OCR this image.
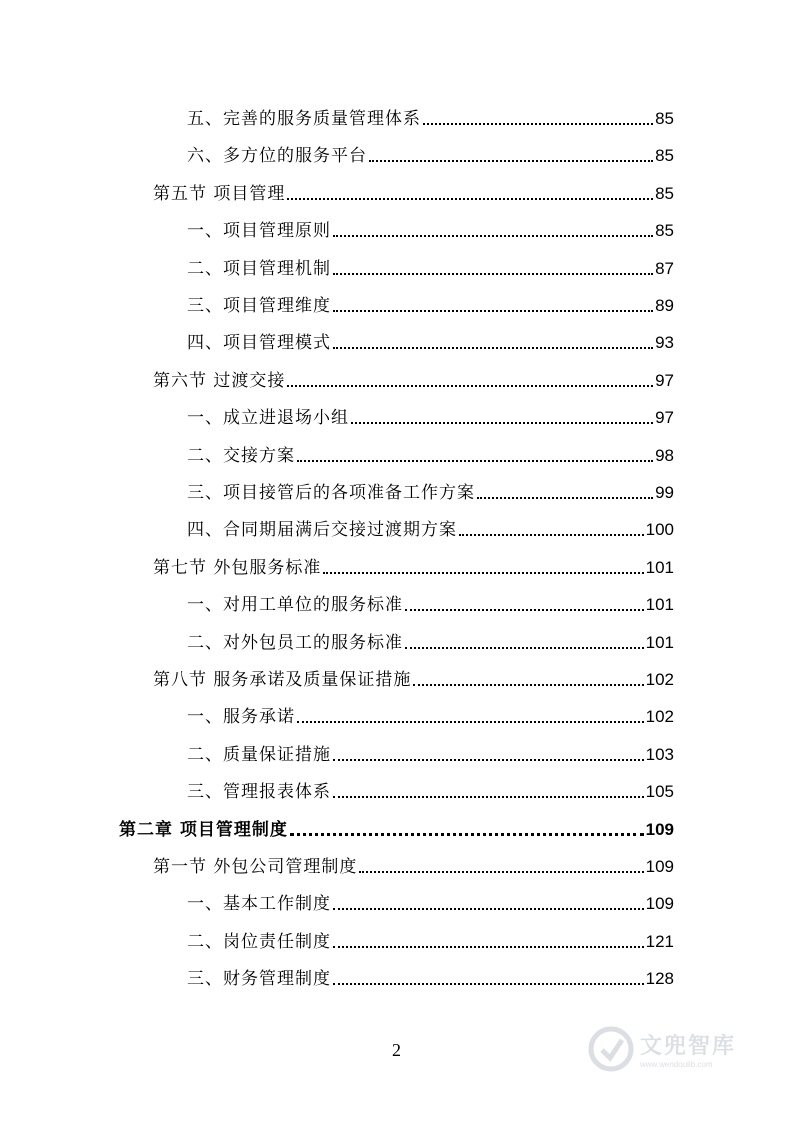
五、完善的服务质量管理体系	85
六、多方位的服务平台	85
第五节 项目管理	85
一、项目管理原则	85
二、项目管理机制	87
三、项目管理维度	89
四、项目管理模式	93
第六节 过渡交接	97
一、成立进退场小组	97
二、交接方案	98
三、项目接管后的各项准备工作方案	99
四、合同期届满后交接过渡期方案	100
第七节 外包服务标准	101
一、对用工单位的服务标准	101
二、对外包员工的服务标准	101
第八节 服务承诺及质量保证措施	102
一、服务承诺	102
二、质量保证措施	103
三、管理报表体系	105
第二章 项目管理制度	109
第一节 外包公司管理制度	109
一、基本工作制度	109
二、岗位责任制度	121
三、财务管理制度	128
2	文兜智库
www.wendoulib.com
